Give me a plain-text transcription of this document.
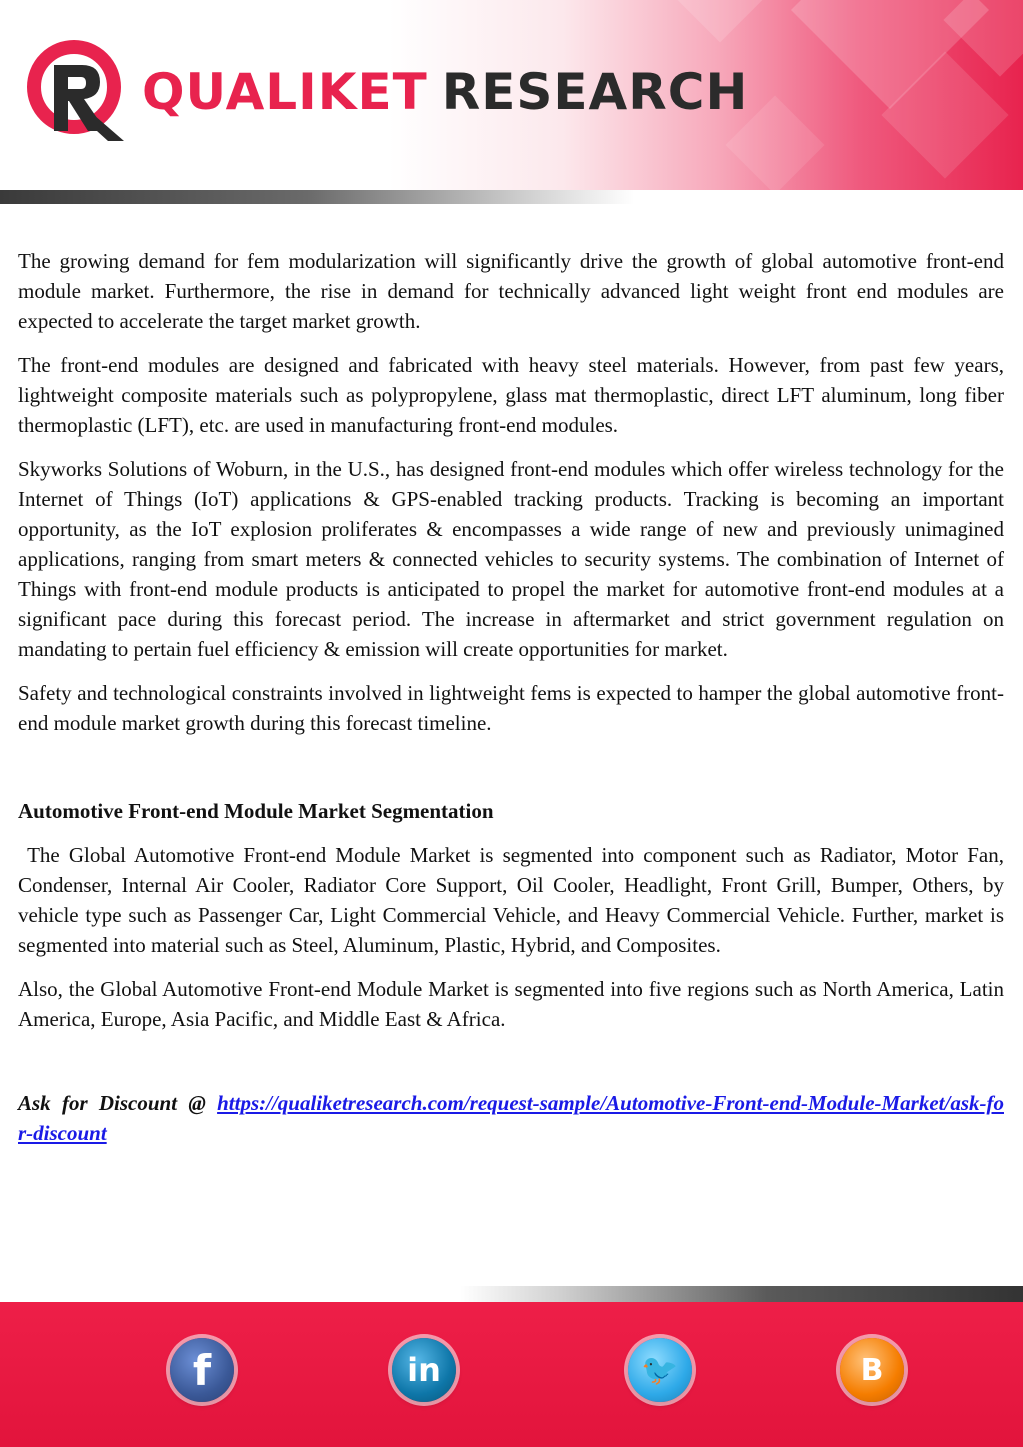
QUALIKET RESEARCH

The growing demand for fem modularization will significantly drive the growth of global automotive front-end module market. Furthermore, the rise in demand for technically advanced light weight front end modules are expected to accelerate the target market growth.

The front-end modules are designed and fabricated with heavy steel materials. However, from past few years, lightweight composite materials such as polypropylene, glass mat thermoplastic, direct LFT aluminum, long fiber thermoplastic (LFT), etc. are used in manufacturing front-end modules.

Skyworks Solutions of Woburn, in the U.S., has designed front-end modules which offer wireless technology for the Internet of Things (IoT) applications & GPS-enabled tracking products. Tracking is becoming an important opportunity, as the IoT explosion proliferates & encompasses a wide range of new and previously unimagined applications, ranging from smart meters & connected vehicles to security systems. The combination of Internet of Things with front-end module products is anticipated to propel the market for automotive front-end modules at a significant pace during this forecast period. The increase in aftermarket and strict government regulation on mandating to pertain fuel efficiency & emission will create opportunities for market.

Safety and technological constraints involved in lightweight fems is expected to hamper the global automotive front-end module market growth during this forecast timeline.

Automotive Front-end Module Market Segmentation

The Global Automotive Front-end Module Market is segmented into component such as Radiator, Motor Fan, Condenser, Internal Air Cooler, Radiator Core Support, Oil Cooler, Headlight, Front Grill, Bumper, Others, by vehicle type such as Passenger Car, Light Commercial Vehicle, and Heavy Commercial Vehicle. Further, market is segmented into material such as Steel, Aluminum, Plastic, Hybrid, and Composites.

Also, the Global Automotive Front-end Module Market is segmented into five regions such as North America, Latin America, Europe, Asia Pacific, and Middle East & Africa.

Ask for Discount @ https://qualiketresearch.com/request-sample/Automotive-Front-end-Module-Market/ask-for-discount
f	in	🐦	B
